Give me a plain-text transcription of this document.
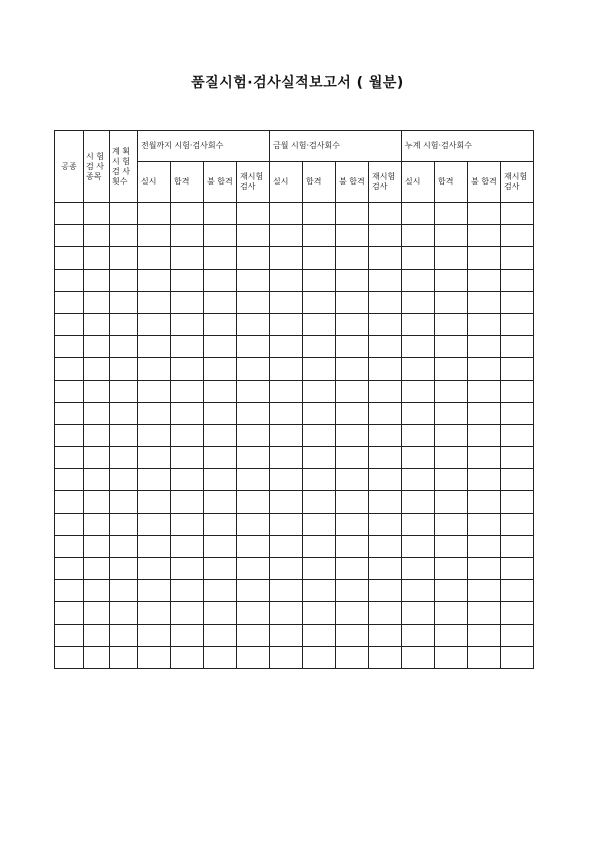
품질시험·검사실적보고서 ( 월분)
공종	시 험 검 사 종목	계 획 시 험 검 사 횟수	전월까지 시험·검사회수				금월 시험·검사회수				누계 시험·검사회수			
			실시	합격	불 합격	재시험 검사	실시	합격	불 합격	재시험 검사	실시	합격	불 합격	재시험 검사
